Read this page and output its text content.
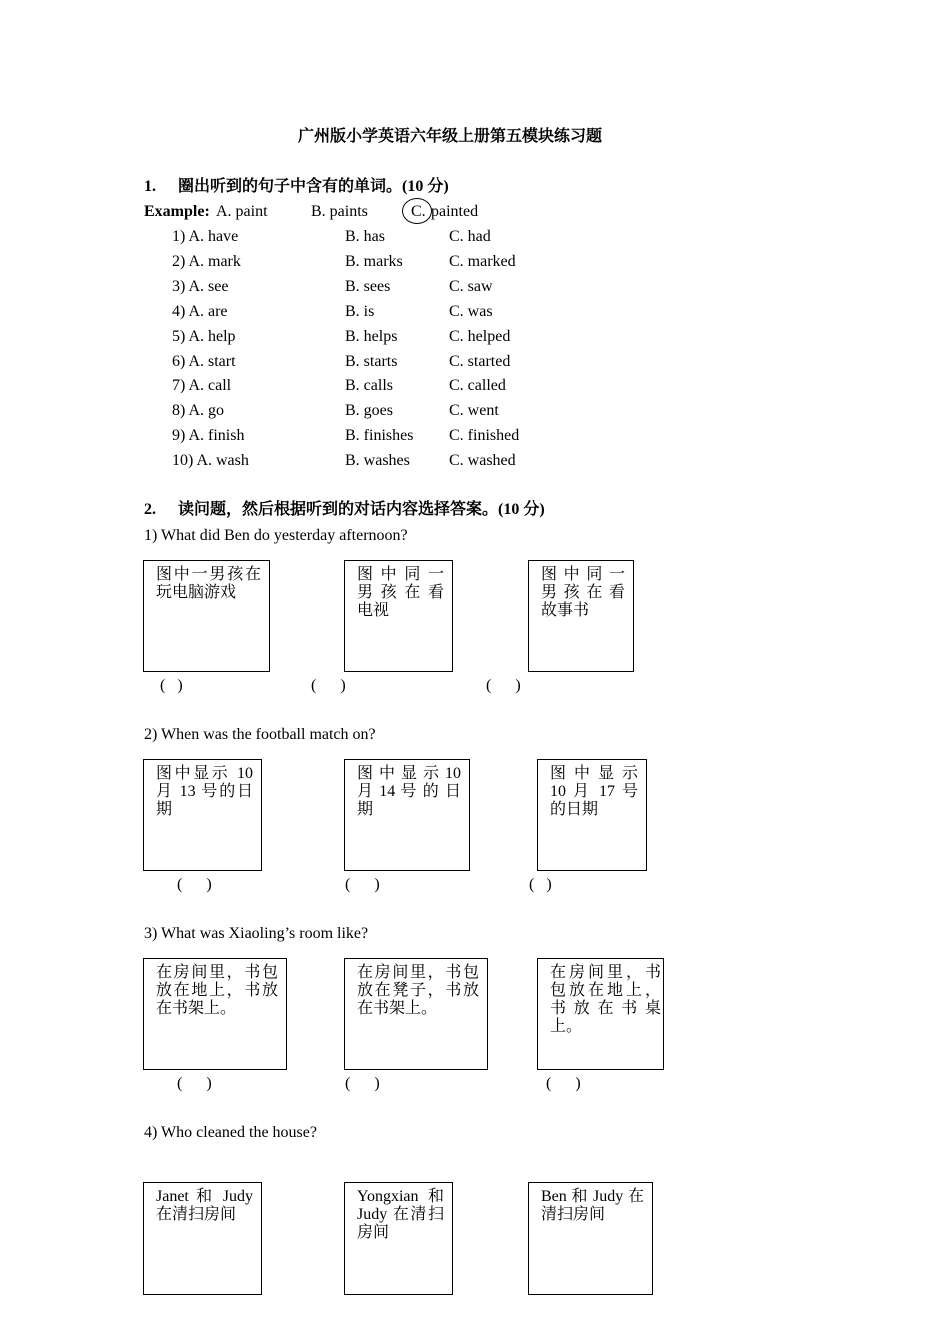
广州版小学英语六年级上册第五模块练习题
1. 圈出听到的句子中含有的单词。(10 分)
Example: A. paint	B. paints	C. painted
1) A. have	B. has	C. had
2) A. mark	B. marks	C. marked
3) A. see	B. sees	C. saw
4) A. are	B. is	C. was
5) A. help	B. helps	C. helped
6) A. start	B. starts	C. started
7) A. call	B. calls	C. called
8) A. go	B. goes	C. went
9) A. finish	B. finishes C. finished
10) A. wash	B. washes C. washed
2. 读问题，然后根据听到的对话内容选择答案。(10 分)
1) What did Ben do yesterday afternoon?
图中一男孩在玩电脑游戏
图 中 同 一男 孩 在 看电视
图 中 同 一男 孩 在 看故事书
(   )	(      )	(      )
2) When was the football match on?
图中显示 10 月 13 号的日期
图 中 显 示 10 月 14 号 的 日期
图 中 显 示 10 月 17 号的日期
(      )	(      )	(   )
3) What was Xiaoling’s room like?
在房间里，书包放在地上，书放在书架上。
在房间里，书包放在凳子，书放在书架上。
在房间里，书包放在地上，书放在书桌上。
(      )	(      )	(      )
4) Who cleaned the house?
Janet 和 Judy 在清扫房间
Yongxian 和 Judy 在清扫房间
Ben 和 Judy 在清扫房间
